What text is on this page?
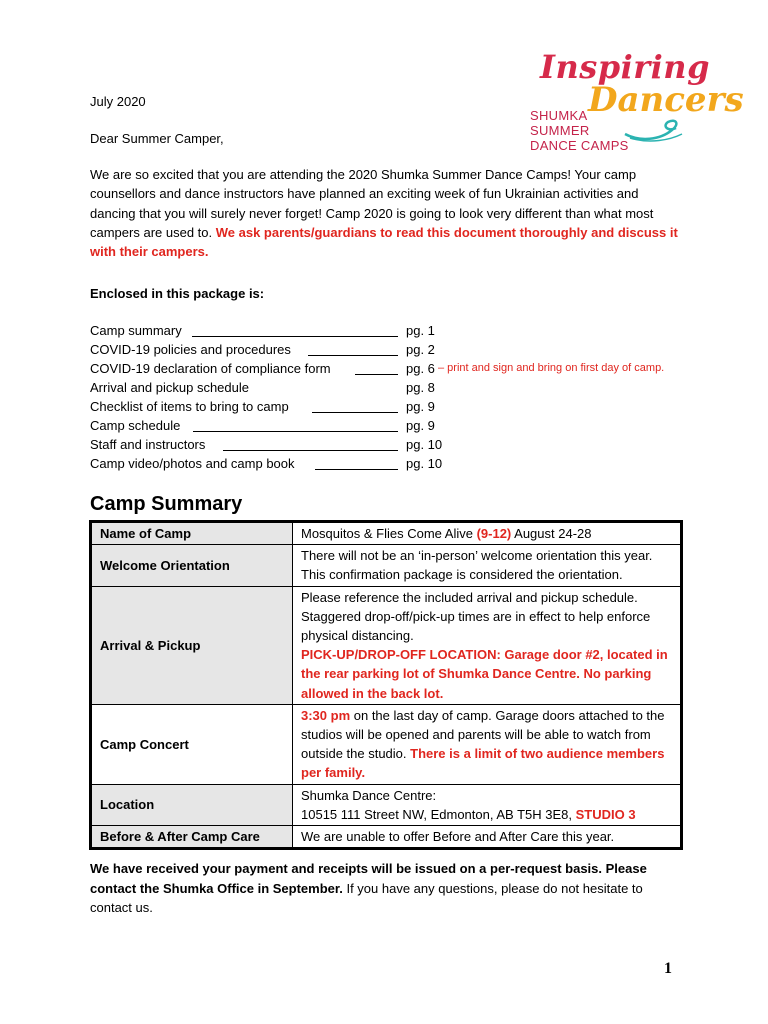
Inspiring
Dancers
SHUMKA
SUMMER
DANCE CAMPS
July 2020
Dear Summer Camper,
We are so excited that you are attending the 2020 Shumka Summer Dance Camps! Your camp counsellors and dance instructors have planned an exciting week of fun Ukrainian activities and dancing that you will surely never forget! Camp 2020 is going to look very different than what most campers are used to. We ask parents/guardians to read this document thoroughly and discuss it with their campers.
Enclosed in this package is:
Camp summary	pg. 1
COVID-19 policies and procedures	pg. 2
COVID-19 declaration of compliance form	pg. 6 – print and sign and bring on first day of camp.
Arrival and pickup schedule	pg. 8
Checklist of items to bring to camp	pg. 9
Camp schedule	pg. 9
Staff and instructors	pg. 10
Camp video/photos and camp book	pg. 10
Camp Summary
Name of Camp	Mosquitos & Flies Come Alive (9-12) August 24-28
Welcome Orientation	There will not be an ‘in-person’ welcome orientation this year. This confirmation package is considered the orientation.
Arrival & Pickup	Please reference the included arrival and pickup schedule. Staggered drop-off/pick-up times are in effect to help enforce physical distancing.
PICK-UP/DROP-OFF LOCATION: Garage door #2, located in the rear parking lot of Shumka Dance Centre. No parking allowed in the back lot.
Camp Concert	3:30 pm on the last day of camp. Garage doors attached to the studios will be opened and parents will be able to watch from outside the studio. There is a limit of two audience members per family.
Location	Shumka Dance Centre:
10515 111 Street NW, Edmonton, AB T5H 3E8, STUDIO 3
Before & After Camp Care	We are unable to offer Before and After Care this year.
We have received your payment and receipts will be issued on a per-request basis. Please contact the Shumka Office in September. If you have any questions, please do not hesitate to contact us.
1
